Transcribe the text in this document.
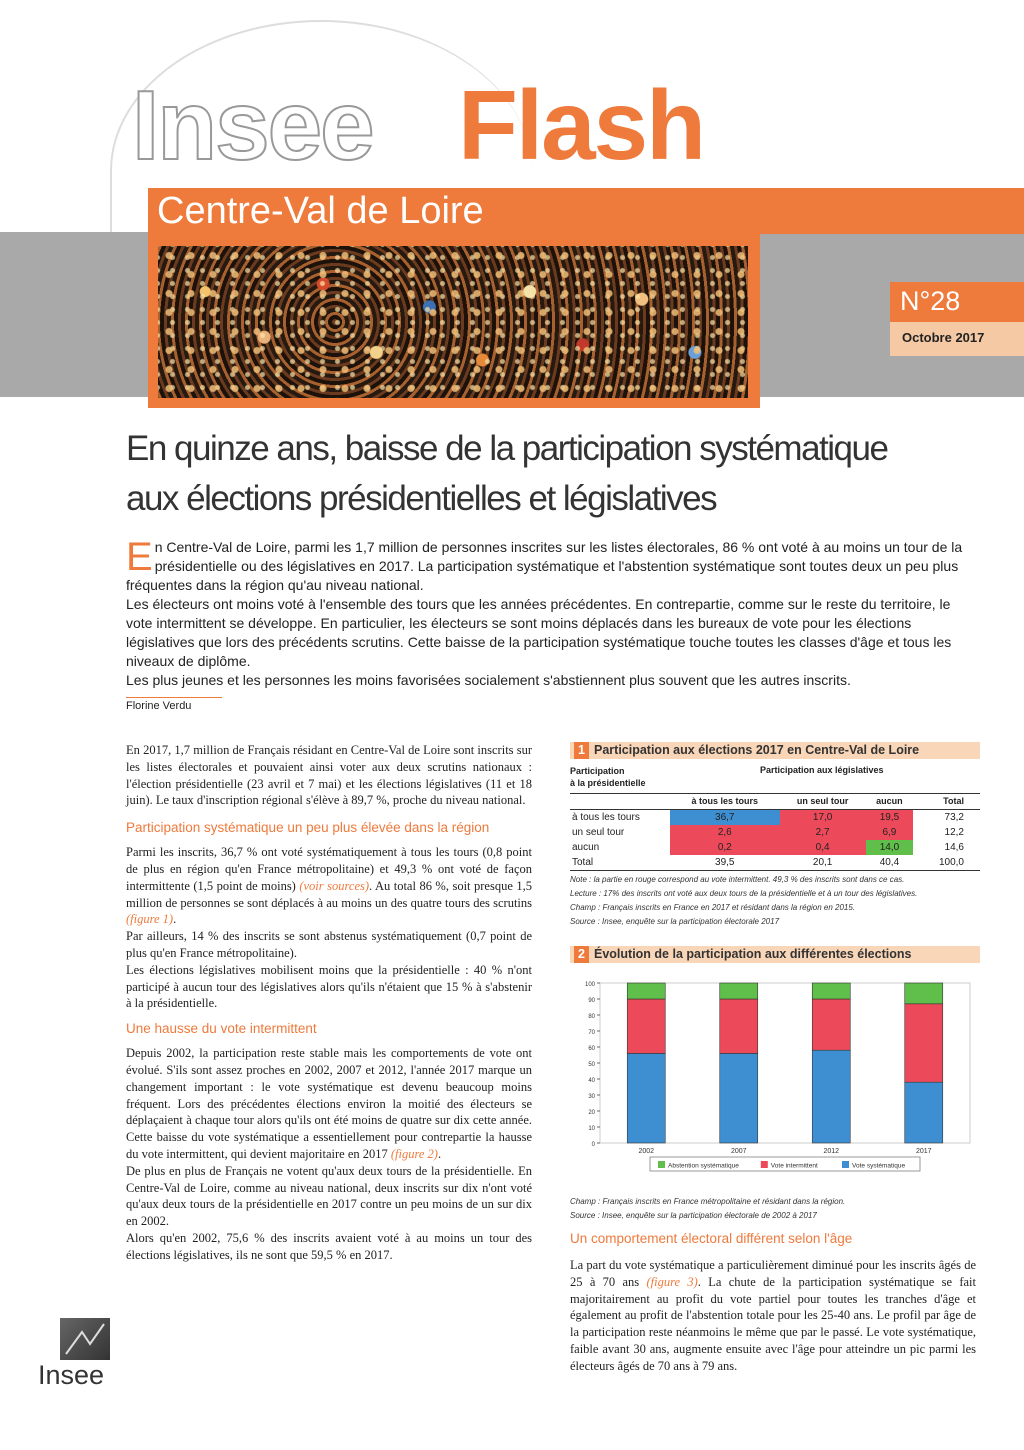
Insee Flash
Centre-Val de Loire
N°28
Octobre 2017
En quinze ans, baisse de la participation systématique
aux élections présidentielles et législatives

En Centre-Val de Loire, parmi les 1,7 million de personnes inscrites sur les listes électorales, 86 % ont voté à au moins un tour de la présidentielle ou des législatives en 2017. La participation systématique et l'abstention systématique sont toutes deux un peu plus fréquentes dans la région qu'au niveau national.

Les électeurs ont moins voté à l'ensemble des tours que les années précédentes. En contrepartie, comme sur le reste du territoire, le vote intermittent se développe. En particulier, les électeurs se sont moins déplacés dans les bureaux de vote pour les élections législatives que lors des précédents scrutins. Cette baisse de la participation systématique touche toutes les classes d'âge et tous les niveaux de diplôme.

Les plus jeunes et les personnes les moins favorisées socialement s'abstiennent plus souvent que les autres inscrits.

Florine Verdu

En 2017, 1,7 million de Français résidant en Centre-Val de Loire sont inscrits sur les listes électorales et pouvaient ainsi voter aux deux scrutins nationaux : l'élection présidentielle (23 avril et 7 mai) et les élections législatives (11 et 18 juin). Le taux d'inscription régional s'élève à 89,7 %, proche du niveau national.

Participation systématique un peu plus élevée dans la région

Parmi les inscrits, 36,7 % ont voté systématiquement à tous les tours (0,8 point de plus en région qu'en France métropolitaine) et 49,3 % ont voté de façon intermittente (1,5 point de moins) (voir sources). Au total 86 %, soit presque 1,5 million de personnes se sont déplacés à au moins un des quatre tours des scrutins (figure 1).

Par ailleurs, 14 % des inscrits se sont abstenus systématiquement (0,7 point de plus qu'en France métropolitaine).

Les élections législatives mobilisent moins que la présidentielle : 40 % n'ont participé à aucun tour des législatives alors qu'ils n'étaient que 15 % à s'abstenir à la présidentielle.

Une hausse du vote intermittent

Depuis 2002, la participation reste stable mais les comportements de vote ont évolué. S'ils sont assez proches en 2002, 2007 et 2012, l'année 2017 marque un changement important : le vote systématique est devenu beaucoup moins fréquent. Lors des précédentes élections environ la moitié des électeurs se déplaçaient à chaque tour alors qu'ils ont été moins de quatre sur dix cette année. Cette baisse du vote systématique a essentiellement pour contrepartie la hausse du vote intermittent, qui devient majoritaire en 2017 (figure 2).

De plus en plus de Français ne votent qu'aux deux tours de la présidentielle. En Centre-Val de Loire, comme au niveau national, deux inscrits sur dix n'ont voté qu'aux deux tours de la présidentielle en 2017 contre un peu moins de un sur dix en 2002.

Alors qu'en 2002, 75,6 % des inscrits avaient voté à au moins un tour des élections législatives, ils ne sont que 59,5 % en 2017.

1 Participation aux élections 2017 en Centre-Val de Loire
Participation
à la présidentielle
Participation aux législatives
	à tous les tours	un seul tour	aucun	Total
à tous les tours	36,7	17,0	19,5	73,2
un seul tour	2,6	2,7	6,9	12,2
aucun	0,2	0,4	14,0	14,6
Total	39,5	20,1	40,4	100,0
Note : la partie en rouge correspond au vote intermittent. 49,3 % des inscrits sont dans ce cas.
Lecture : 17% des inscrits ont voté aux deux tours de la présidentielle et à un tour des législatives.
Champ : Français inscrits en France en 2017 et résidant dans la région en 2015.
Source : Insee, enquête sur la participation électorale 2017
2 Évolution de la participation aux différentes élections
0
10
20
30
40
50
60
70
80
90
100
2002	2007	2012	2017
Abstention systématique	Vote intermittent	Vote systématique
Champ : Français inscrits en France métropolitaine et résidant dans la région.
Source : Insee, enquête sur la participation électorale de 2002 à 2017
Un comportement électoral différent selon l'âge

La part du vote systématique a particulièrement diminué pour les inscrits âgés de 25 à 70 ans (figure 3). La chute de la participation systématique se fait majoritairement au profit du vote partiel pour toutes les tranches d'âge et également au profit de l'abstention totale pour les 25-40 ans. Le profil par âge de la participation reste néanmoins le même que par le passé. Le vote systématique, faible avant 30 ans, augmente ensuite avec l'âge pour atteindre un pic parmi les électeurs âgés de 70 ans à 79 ans.

Insee
